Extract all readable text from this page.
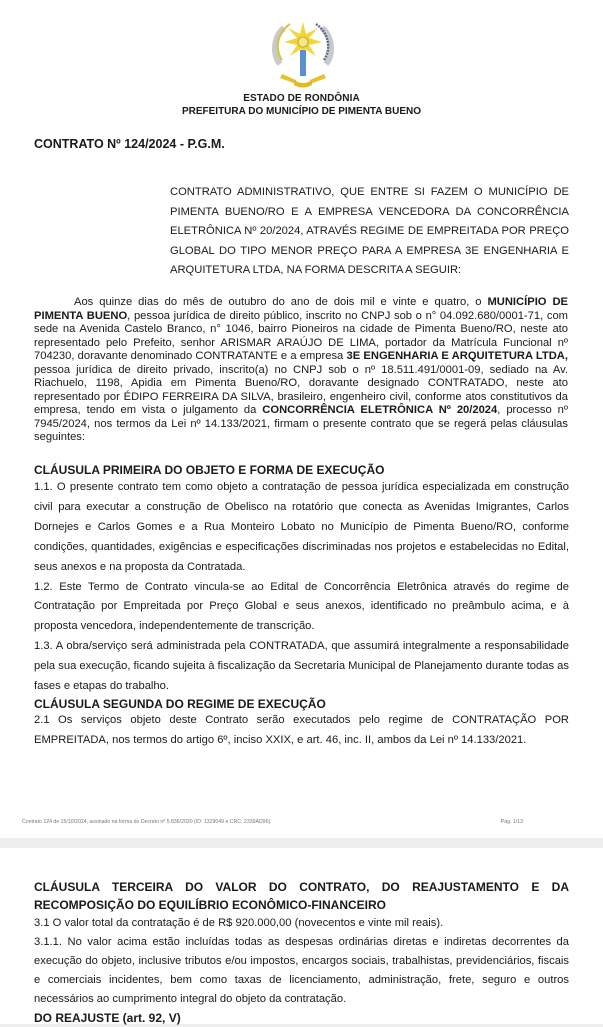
ESTADO DE RONDÔNIA
PREFEITURA DO MUNICÍPIO DE PIMENTA BUENO
CONTRATO Nº 124/2024 - P.G.M.
CONTRATO ADMINISTRATIVO, QUE ENTRE SI FAZEM O MUNICÍPIO DE PIMENTA BUENO/RO E A EMPRESA VENCEDORA DA CONCORRÊNCIA ELETRÔNICA Nº 20/2024, ATRAVÉS REGIME DE EMPREITADA POR PREÇO GLOBAL DO TIPO MENOR PREÇO PARA A EMPRESA 3E ENGENHARIA E ARQUITETURA LTDA, NA FORMA DESCRITA A SEGUIR:
Aos quinze dias do mês de outubro do ano de dois mil e vinte e quatro, o MUNICÍPIO DE PIMENTA BUENO, pessoa jurídica de direito público, inscrito no CNPJ sob o n° 04.092.680/0001-71, com sede na Avenida Castelo Branco, n° 1046, bairro Pioneiros na cidade de Pimenta Bueno/RO, neste ato representado pelo Prefeito, senhor ARISMAR ARAÚJO DE LIMA, portador da Matrícula Funcional nº 704230, doravante denominado CONTRATANTE e a empresa 3E ENGENHARIA E ARQUITETURA LTDA, pessoa jurídica de direito privado, inscrito(a) no CNPJ sob o nº 18.511.491/0001-09, sediado na Av. Riachuelo, 1198, Apidia em Pimenta Bueno/RO, doravante designado CONTRATADO, neste ato representado por ÉDIPO FERREIRA DA SILVA, brasileiro, engenheiro civil, conforme atos constitutivos da empresa, tendo em vista o julgamento da CONCORRÊNCIA ELETRÔNICA Nº 20/2024, processo nº 7945/2024, nos termos da Lei nº 14.133/2021, firmam o presente contrato que se regerá pelas cláusulas seguintes:
CLÁUSULA PRIMEIRA DO OBJETO E FORMA DE EXECUÇÃO

1.1. O presente contrato tem como objeto a contratação de pessoa jurídica especializada em construção civil para executar a construção de Obelisco na rotatório que conecta as Avenidas Imigrantes, Carlos Dornejes e Carlos Gomes e a Rua Monteiro Lobato no Município de Pimenta Bueno/RO, conforme condições, quantidades, exigências e especificações discriminadas nos projetos e estabelecidas no Edital, seus anexos e na proposta da Contratada.

1.2. Este Termo de Contrato vincula-se ao Edital de Concorrência Eletrônica através do regime de Contratação por Empreitada por Preço Global e seus anexos, identificado no preâmbulo acima, e à proposta vencedora, independentemente de transcrição.

1.3. A obra/serviço será administrada pela CONTRATADA, que assumirá integralmente a responsabilidade pela sua execução, ficando sujeita à fiscalização da Secretaria Municipal de Planejamento durante todas as fases e etapas do trabalho.

CLÁUSULA SEGUNDA DO REGIME DE EXECUÇÃO

2.1 Os serviços objeto deste Contrato serão executados pelo regime de CONTRATAÇÃO POR EMPREITADA, nos termos do artigo 6º, inciso XXIX, e art. 46, inc. II, ambos da Lei nº 14.133/2021.

Contrato 124 de 15/10/2024, assinado na forma do Decreto nº 5.836/2020 (ID: 1329049 e CRC: 2339AD96).	Pág. 1/13
CLÁUSULA TERCEIRA DO VALOR DO CONTRATO, DO REAJUSTAMENTO E DA
RECOMPOSIÇÃO DO EQUILÍBRIO ECONÔMICO-FINANCEIRO

3.1 O valor total da contratação é de R$ 920.000,00 (novecentos e vinte mil reais).

3.1.1. No valor acima estão incluídas todas as despesas ordinárias diretas e indiretas decorrentes da execução do objeto, inclusive tributos e/ou impostos, encargos sociais, trabalhistas, previdenciários, fiscais e comerciais incidentes, bem como taxas de licenciamento, administração, frete, seguro e outros necessários ao cumprimento integral do objeto da contratação.

DO REAJUSTE (art. 92, V)
